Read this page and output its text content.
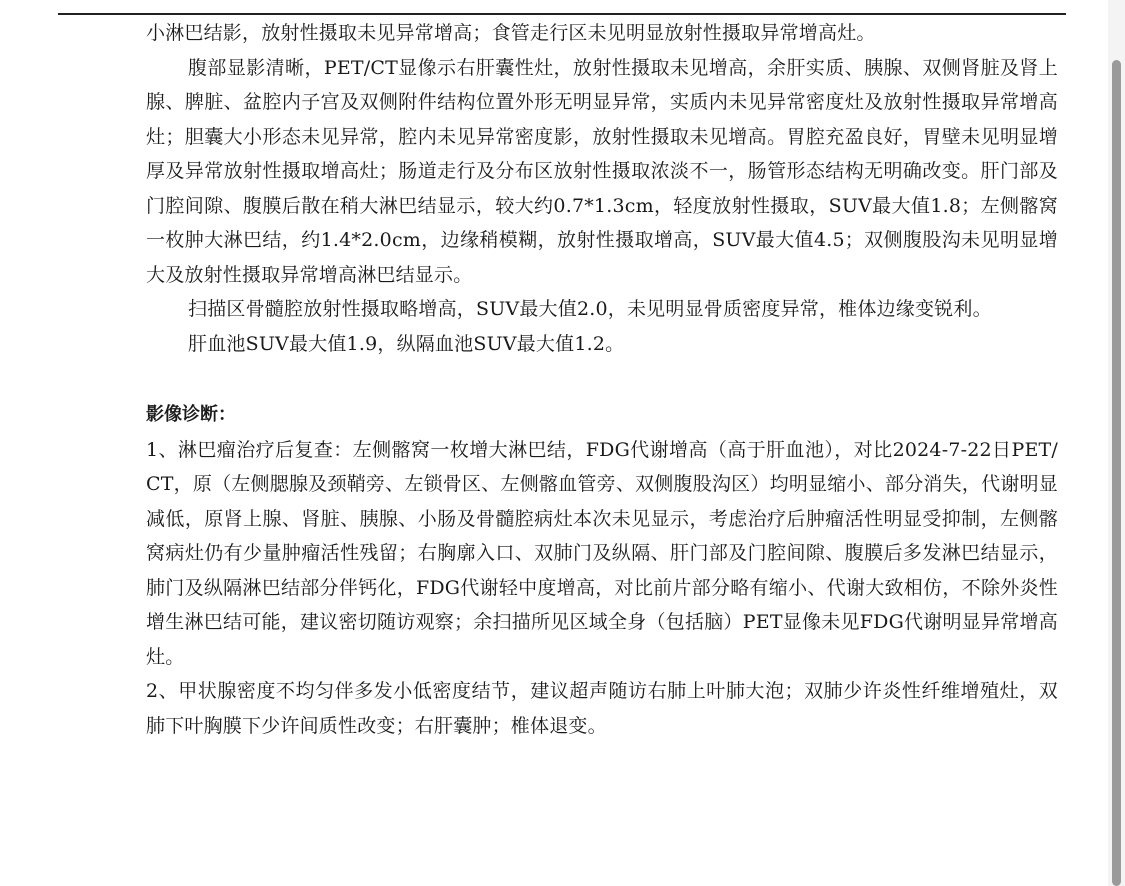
小淋巴结影，放射性摄取未见异常增高；食管走行区未见明显放射性摄取异常增高灶。

腹部显影清晰，PET/CT显像示右肝囊性灶，放射性摄取未见增高，余肝实质、胰腺、双侧肾脏及肾上腺、脾脏、盆腔内子宫及双侧附件结构位置外形无明显异常，实质内未见异常密度灶及放射性摄取异常增高灶；胆囊大小形态未见异常，腔内未见异常密度影，放射性摄取未见增高。胃腔充盈良好，胃壁未见明显增厚及异常放射性摄取增高灶；肠道走行及分布区放射性摄取浓淡不一，肠管形态结构无明确改变。肝门部及门腔间隙、腹膜后散在稍大淋巴结显示，较大约0.7*1.3cm，轻度放射性摄取，SUV最大值1.8；左侧髂窝一枚肿大淋巴结，约1.4*2.0cm，边缘稍模糊，放射性摄取增高，SUV最大值4.5；双侧腹股沟未见明显增大及放射性摄取异常增高淋巴结显示。

扫描区骨髓腔放射性摄取略增高，SUV最大值2.0，未见明显骨质密度异常，椎体边缘变锐利。

肝血池SUV最大值1.9，纵隔血池SUV最大值1.2。

影像诊断：

1、淋巴瘤治疗后复查：左侧髂窝一枚增大淋巴结，FDG代谢增高（高于肝血池），对比2024-7-22日PET/CT，原（左侧腮腺及颈鞘旁、左锁骨区、左侧髂血管旁、双侧腹股沟区）均明显缩小、部分消失，代谢明显减低，原肾上腺、肾脏、胰腺、小肠及骨髓腔病灶本次未见显示，考虑治疗后肿瘤活性明显受抑制，左侧髂窝病灶仍有少量肿瘤活性残留；右胸廓入口、双肺门及纵隔、肝门部及门腔间隙、腹膜后多发淋巴结显示，肺门及纵隔淋巴结部分伴钙化，FDG代谢轻中度增高，对比前片部分略有缩小、代谢大致相仿，不除外炎性增生淋巴结可能，建议密切随访观察；余扫描所见区域全身（包括脑）PET显像未见FDG代谢明显异常增高灶。

2、甲状腺密度不均匀伴多发小低密度结节，建议超声随访右肺上叶肺大泡；双肺少许炎性纤维增殖灶，双肺下叶胸膜下少许间质性改变；右肝囊肿；椎体退变。
